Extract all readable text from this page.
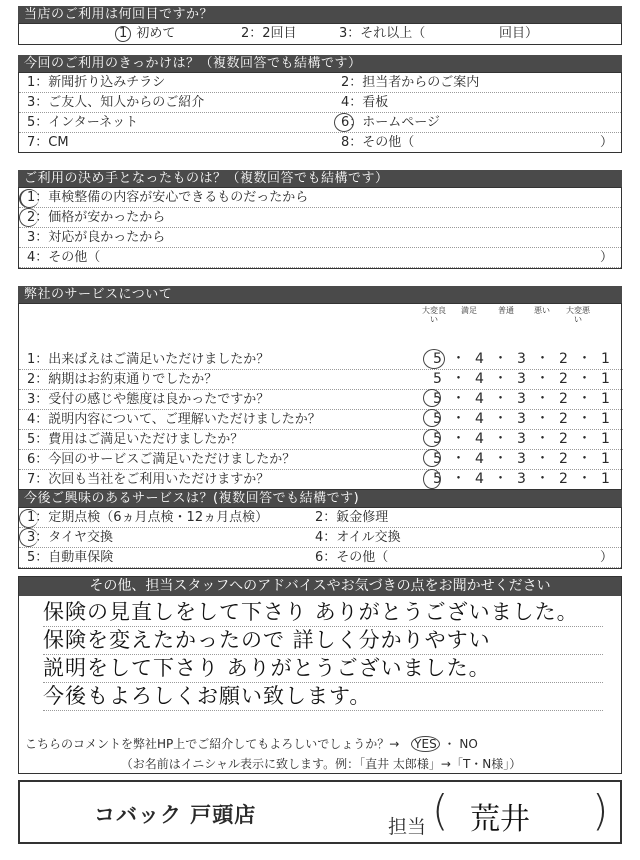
当店のご利用は何回目ですか？
1 初めて	2：2回目	3：それ以上（	回目）
今回のご利用のきっかけは？（複数回答でも結構です）
1：新聞折り込みチラシ	2：担当者からのご案内
3：ご友人、知人からのご紹介	4：看板
5：インターネット	6：ホームページ
7：CM	8：その他（	）
ご利用の決め手となったものは？（複数回答でも結構です）
1：車検整備の内容が安心できるものだったから
2：価格が安かったから
3：対応が良かったから
4：その他（	）
弊社のサービスについて
大変良い
満足	普通	悪い	大変悪い
1：出来ばえはご満足いただけましたか？	5 ・ 4 ・ 3 ・ 2 ・ 1
2：納期はお約束通りでしたか？	5 ・ 4 ・ 3 ・ 2 ・ 1
3：受付の感じや態度は良かったですか？	5 ・ 4 ・ 3 ・ 2 ・ 1
4：説明内容について、ご理解いただけましたか？	5 ・ 4 ・ 3 ・ 2 ・ 1
5：費用はご満足いただけましたか？	5 ・ 4 ・ 3 ・ 2 ・ 1
6：今回のサービスご満足いただけましたか？	5 ・ 4 ・ 3 ・ 2 ・ 1
7：次回も当社をご利用いただけますか？	5 ・ 4 ・ 3 ・ 2 ・ 1
今後ご興味のあるサービスは？(複数回答でも結構です)
1：定期点検（6ヵ月点検・12ヵ月点検）	2：鈑金修理
3：タイヤ交換	4：オイル交換
5：自動車保険	6：その他（	）
その他、担当スタッフへのアドバイスやお気づきの点をお聞かせください
保険の見直しをして下さり ありがとうございました。
保険を変えたかったので 詳しく分かりやすい
説明をして下さり ありがとうございました。
今後もよろしくお願い致します。
こちらのコメントを弊社HP上でご紹介してもよろしいでしょうか？→ YES ・ NO
（お名前はイニシャル表示に致します。例：「直井 太郎様」→「T・N様」）
コバック 戸頭店	担当 ( 荒井 )
